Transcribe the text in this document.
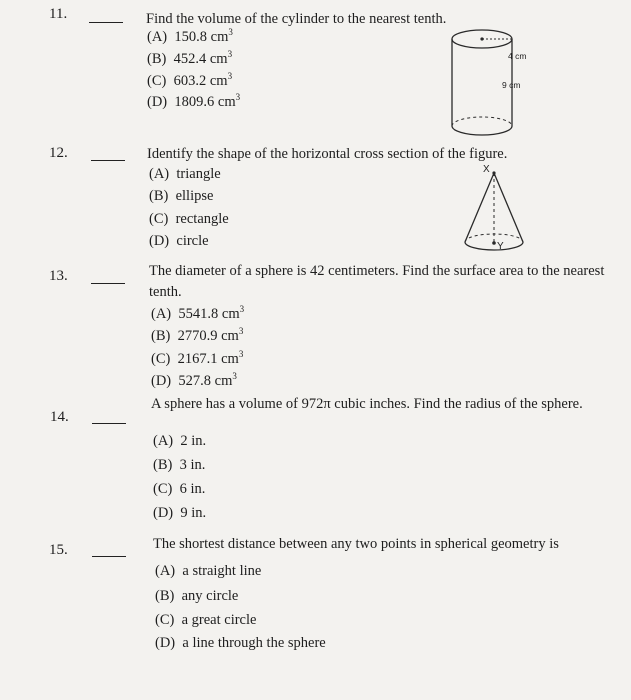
11.	Find the volume of the cylinder to the nearest tenth.
(A) 150.8 $cm^3$
(B) 452.4 $cm^3$
(C) 603.2 $cm^3$
(D) 1809.6 $cm^3$
4 cm
9 cm
12.	Identify the shape of the horizontal cross section of the figure.
(A) triangle
(B) ellipse
(C) rectangle
(D) circle
X
Y
13.	The diameter of a sphere is 42 centimeters. Find the surface area to the nearest
tenth.
(A) 5541.8 $cm^3$
(B) 2770.9 $cm^3$
(C) 2167.1 $cm^3$
(D) 527.8 $cm^3$
14.
A sphere has a volume of 972π cubic inches. Find the radius of the sphere.
(A) 2 in.
(B) 3 in.
(C) 6 in.
(D) 9 in.
15.	The shortest distance between any two points in spherical geometry is
(A) a straight line
(B) any circle
(C) a great circle
(D) a line through the sphere
